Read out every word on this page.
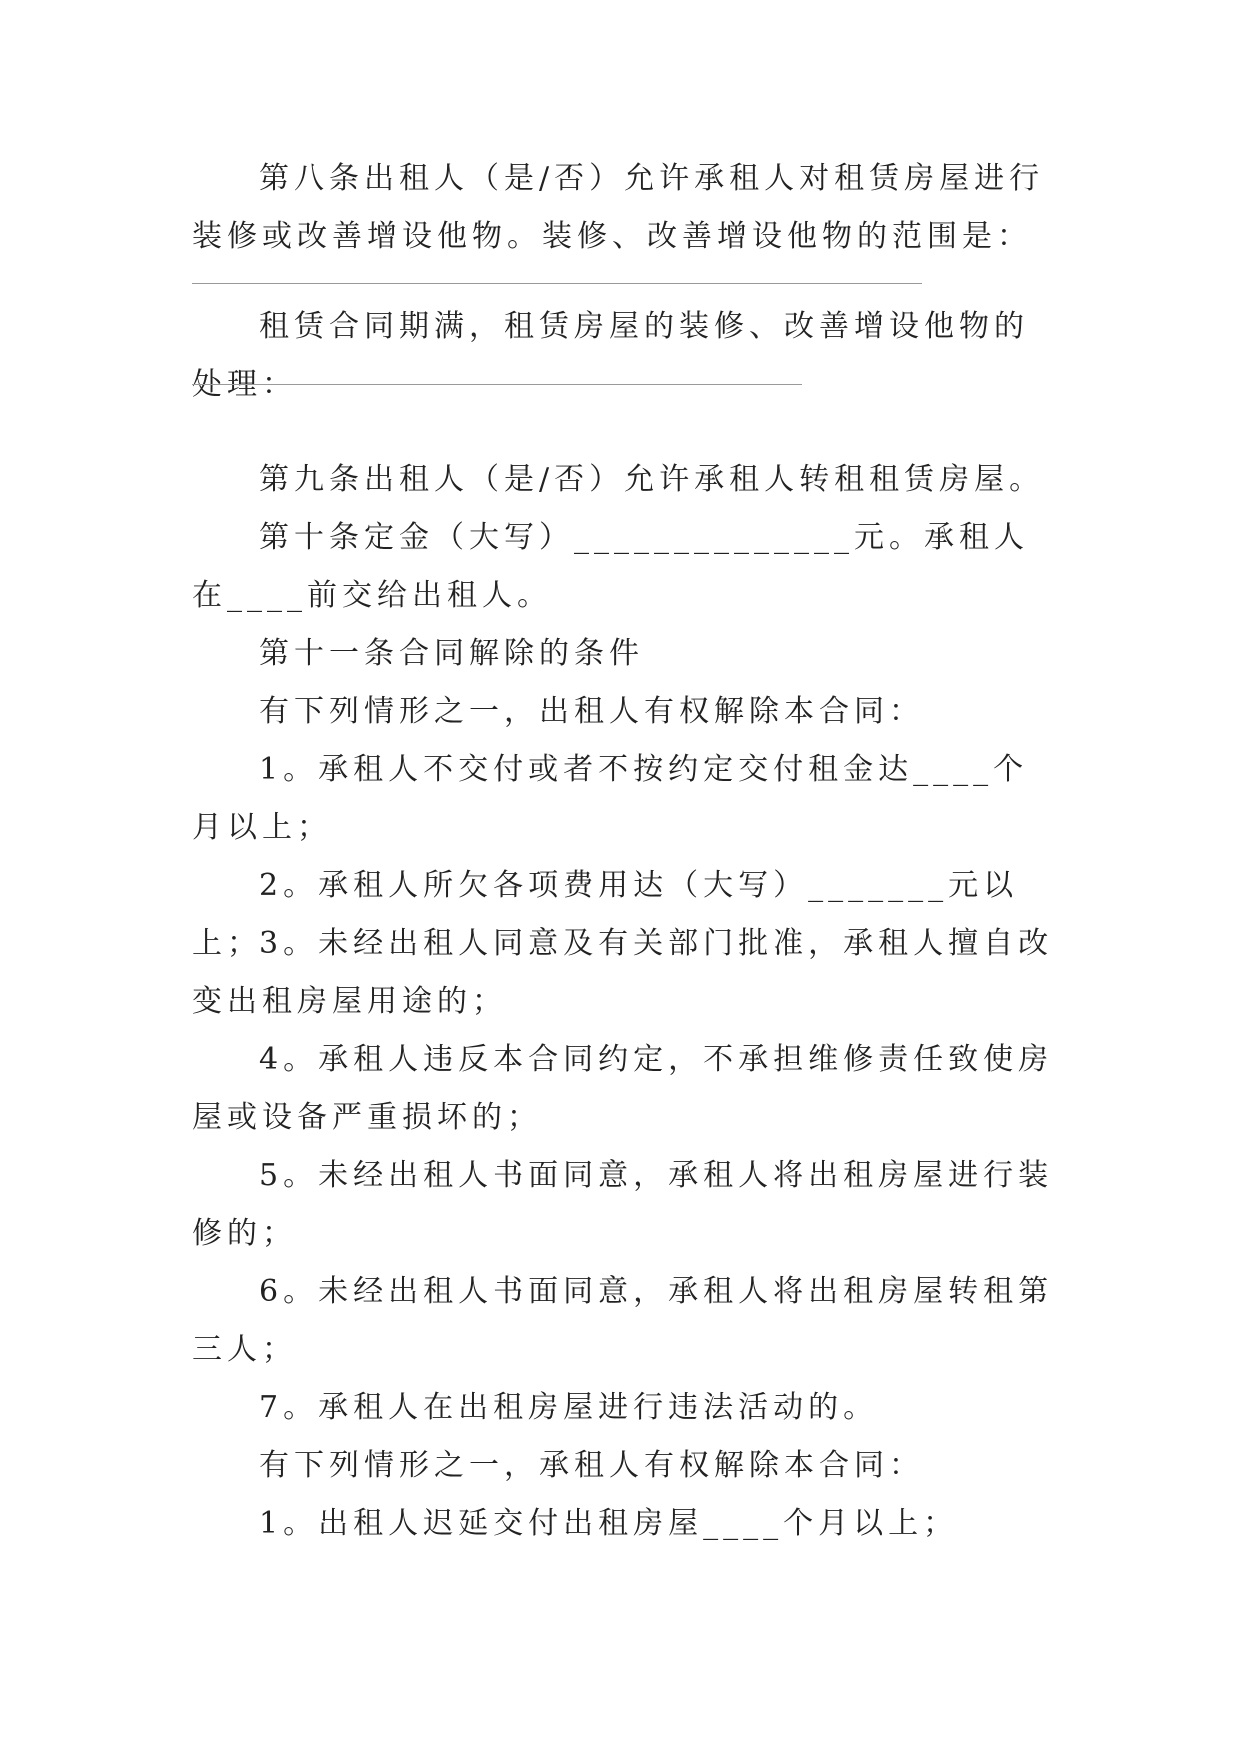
第八条出租人（是/否）允许承租人对租赁房屋进行装修或改善增设他物。装修、改善增设他物的范围是：

租赁合同期满，租赁房屋的装修、改善增设他物的处理：

第九条出租人（是/否）允许承租人转租租赁房屋。

第十条定金（大写）______________元。承租人在____前交给出租人。

第十一条合同解除的条件

有下列情形之一，出租人有权解除本合同：

1。承租人不交付或者不按约定交付租金达____个月以上；

2。承租人所欠各项费用达（大写）_______元以上；

3。未经出租人同意及有关部门批准，承租人擅自改变出租房屋用途的；

4。承租人违反本合同约定，不承担维修责任致使房屋或设备严重损坏的；

5。未经出租人书面同意，承租人将出租房屋进行装修的；

6。未经出租人书面同意，承租人将出租房屋转租第三人；

7。承租人在出租房屋进行违法活动的。

有下列情形之一，承租人有权解除本合同：

1。出租人迟延交付出租房屋____个月以上；
